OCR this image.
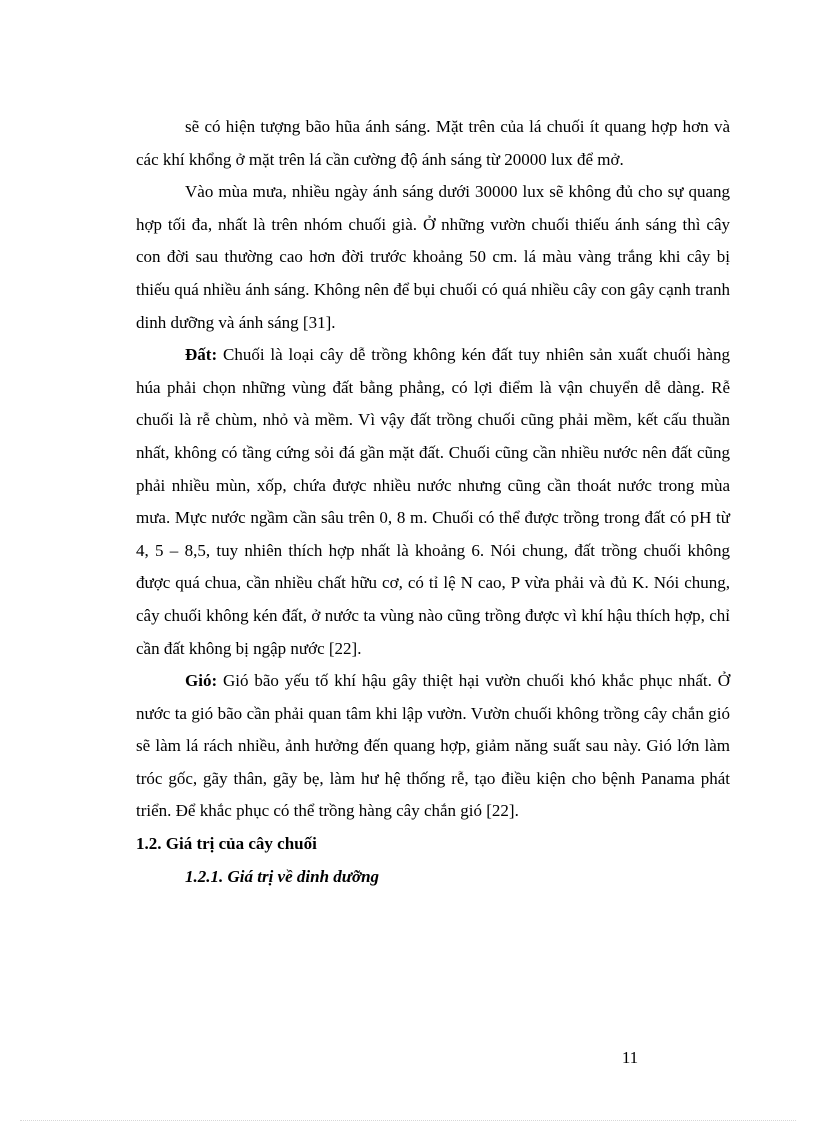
sẽ có hiện tượng bão hũa ánh sáng. Mặt trên của lá chuối ít quang hợp hơn và các khí khổng ở mặt trên lá cần cường độ ánh sáng từ 20000 lux để mở.

Vào mùa mưa, nhiều ngày ánh sáng dưới 30000 lux sẽ không đủ cho sự quang hợp tối đa, nhất là trên nhóm chuối già. Ở những vườn chuối thiếu ánh sáng thì cây con đời sau thường cao hơn đời trước khoảng 50 cm. lá màu vàng trắng khi cây bị thiếu quá nhiều ánh sáng. Không nên để bụi chuối có quá nhiều cây con gây cạnh tranh dinh dưỡng và ánh sáng [31].

Đất: Chuối là loại cây dễ trồng không kén đất tuy nhiên sản xuất chuối hàng húa phải chọn những vùng đất bằng phẳng, có lợi điểm là vận chuyển dễ dàng. Rễ chuối là rễ chùm, nhỏ và mềm. Vì vậy đất trồng chuối cũng phải mềm, kết cấu thuần nhất, không có tầng cứng sỏi đá gần mặt đất. Chuối cũng cần nhiều nước nên đất cũng phải nhiều mùn, xốp, chứa được nhiều nước nhưng cũng cần thoát nước trong mùa mưa. Mực nước ngầm cần sâu trên 0, 8 m. Chuối có thể được trồng trong đất có pH từ 4, 5 – 8,5, tuy nhiên thích hợp nhất là khoảng 6. Nói chung, đất trồng chuối không được quá chua, cần nhiều chất hữu cơ, có tỉ lệ N cao, P vừa phải và đủ K. Nói chung, cây chuối không kén đất, ở nước ta vùng nào cũng trồng được vì khí hậu thích hợp, chỉ cần đất không bị ngập nước [22].

Gió: Gió bão yếu tố khí hậu gây thiệt hại vườn chuối khó khắc phục nhất. Ở nước ta gió bão cần phải quan tâm khi lập vườn. Vườn chuối không trồng cây chắn gió sẽ làm lá rách nhiều, ảnh hưởng đến quang hợp, giảm năng suất sau này. Gió lớn làm tróc gốc, gãy thân, gãy bẹ, làm hư hệ thống rễ, tạo điều kiện cho bệnh Panama phát triển. Để khắc phục có thể trồng hàng cây chắn gió [22].

1.2. Giá trị của cây chuối

1.2.1. Giá trị về dinh dưỡng

11
